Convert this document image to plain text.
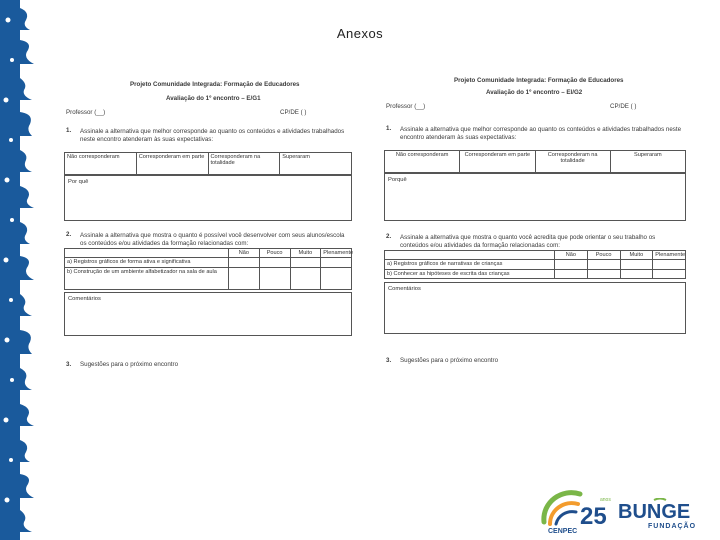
Anexos
Projeto Comunidade Integrada: Formação de Educadores
Avaliação do 1º encontro – E/G1
Professor (__)	CP/DE ( )
1. Assinale a alternativa que melhor corresponde ao quanto os conteúdos e atividades trabalhados neste encontro atenderam às suas expectativas:
Não corresponderam	Corresponderam em parte	Corresponderam na totalidade	Superaram
Por quê
2. Assinale a alternativa que mostra o quanto é possível você desenvolver com seus alunos/escola os conteúdos e/ou atividades da formação relacionadas com:
	Não	Pouco	Muito	Plenamente
a) Registros gráficos de forma ativa e significativa				
b) Construção de um ambiente alfabetizador na sala de aula				
Comentários
3. Sugestões para o próximo encontro
Projeto Comunidade Integrada: Formação de Educadores
Avaliação do 1º encontro – EI/G2
Professor (__)	CP/DE ( )
1. Assinale a alternativa que melhor corresponde ao quanto os conteúdos e atividades trabalhados neste encontro atenderam às suas expectativas:
Não corresponderam	Corresponderam em parte	Corresponderam na totalidade	Superaram
Porquê
2. Assinale a alternativa que mostra o quanto você acredita que pode orientar o seu trabalho os conteúdos e/ou atividades da formação relacionadas com:
	Não	Pouco	Muito	Plenamente
a) Registros gráficos de narrativas de crianças				
b) Conhecer as hipóteses de escrita das crianças				
Comentários
3. Sugestões para o próximo encontro
25
anos
CENPEC
BUNGE
FUNDAÇÃO
